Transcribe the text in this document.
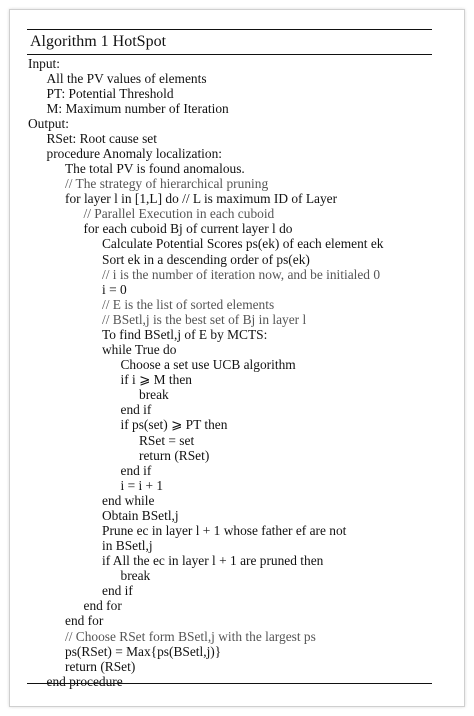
Algorithm 1 HotSpot
Input:
All the PV values of elements
PT: Potential Threshold
M: Maximum number of Iteration
Output:
RSet: Root cause set
procedure Anomaly localization:
The total PV is found anomalous.
// The strategy of hierarchical pruning
for layer l in [1,L] do // L is maximum ID of Layer
// Parallel Execution in each cuboid
for each cuboid Bj of current layer l do
Calculate Potential Scores ps(ek) of each element ek
Sort ek in a descending order of ps(ek)
// i is the number of iteration now, and be initialed 0
i = 0
// E is the list of sorted elements
// BSetl,j is the best set of Bj in layer l
To find BSetl,j of E by MCTS:
while True do
Choose a set use UCB algorithm
if i ⩾ M then
break
end if
if ps(set) ⩾ PT then
RSet = set
return (RSet)
end if
i = i + 1
end while
Obtain BSetl,j
Prune ec in layer l + 1 whose father ef are not
in BSetl,j
if All the ec in layer l + 1 are pruned then
break
end if
end for
end for
// Choose RSet form BSetl,j with the largest ps
ps(RSet) = Max{ps(BSetl,j)}
return (RSet)
end procedure
